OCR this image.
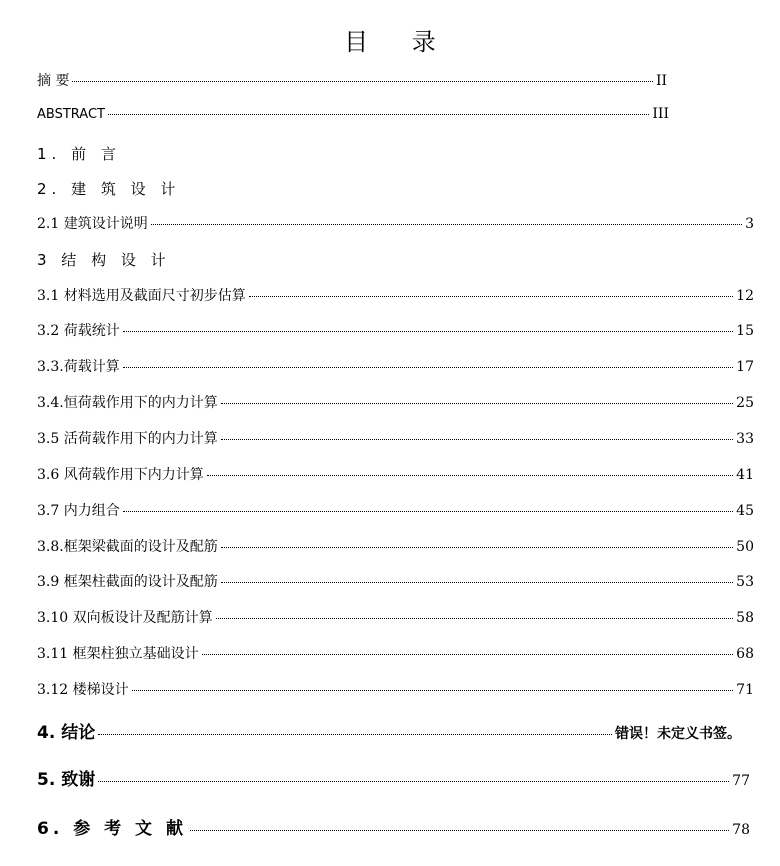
目 录
摘 要	II
ABSTRACT	III
1. 前 言
2. 建 筑 设 计
2.1 建筑设计说明	3
3 结 构 设 计
3.1 材料选用及截面尺寸初步估算	12
3.2 荷载统计	15
3.3.荷载计算	17
3.4.恒荷载作用下的内力计算	25
3.5 活荷载作用下的内力计算	33
3.6 风荷载作用下内力计算	41
3.7 内力组合	45
3.8.框架梁截面的设计及配筋	50
3.9 框架柱截面的设计及配筋	53
3.10 双向板设计及配筋计算	58
3.11 框架柱独立基础设计	68
3.12 楼梯设计	71
4. 结论	错误！未定义书签。
5. 致谢	77
6. 参 考 文 献	78
